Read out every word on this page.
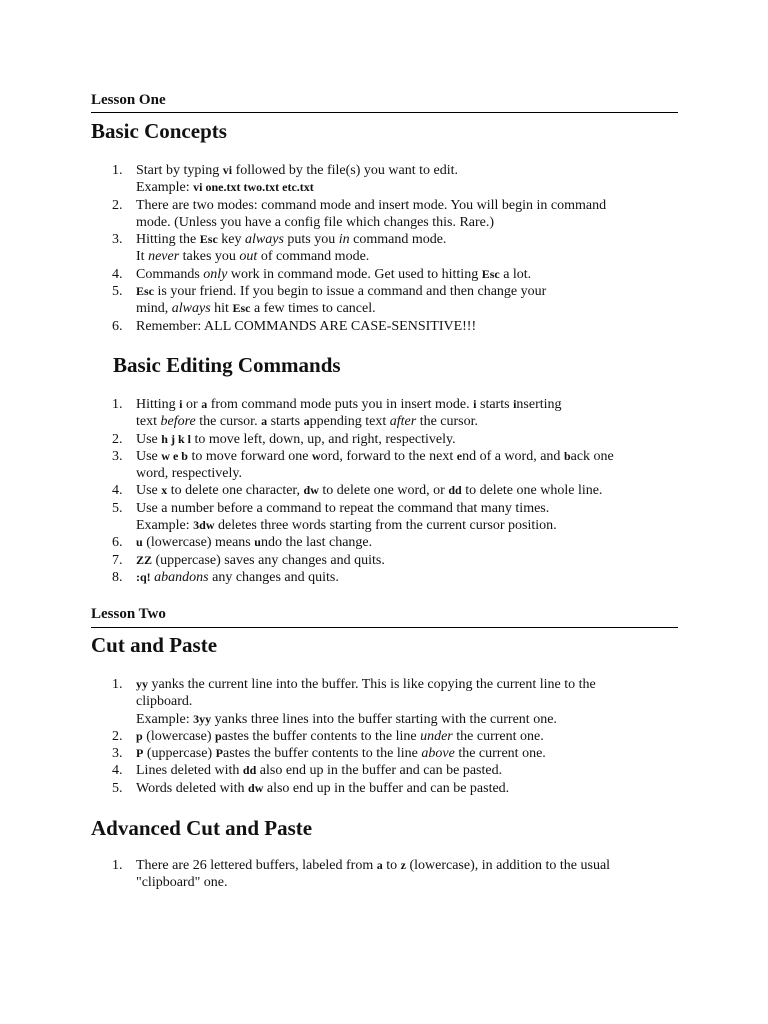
Lesson One
Basic Concepts
1. Start by typing vi followed by the file(s) you want to edit.
Example: vi one.txt two.txt etc.txt
2. There are two modes: command mode and insert mode. You will begin in command
mode. (Unless you have a config file which changes this. Rare.)
3. Hitting the Esc key always puts you in command mode.
It never takes you out of command mode.
4. Commands only work in command mode. Get used to hitting Esc a lot.
5. Esc is your friend. If you begin to issue a command and then change your
mind, always hit Esc a few times to cancel.
6. Remember: ALL COMMANDS ARE CASE-SENSITIVE!!!
Basic Editing Commands
1. Hitting i or a from command mode puts you in insert mode. i starts inserting
text before the cursor. a starts appending text after the cursor.
2. Use h j k l to move left, down, up, and right, respectively.
3. Use w e b to move forward one word, forward to the next end of a word, and back one
word, respectively.
4. Use x to delete one character, dw to delete one word, or dd to delete one whole line.
5. Use a number before a command to repeat the command that many times.
Example: 3dw deletes three words starting from the current cursor position.
6. u (lowercase) means undo the last change.
7. ZZ (uppercase) saves any changes and quits.
8. :q! abandons any changes and quits.
Lesson Two
Cut and Paste
1. yy yanks the current line into the buffer. This is like copying the current line to the
clipboard.
Example: 3yy yanks three lines into the buffer starting with the current one.
2. p (lowercase) pastes the buffer contents to the line under the current one.
3. P (uppercase) Pastes the buffer contents to the line above the current one.
4. Lines deleted with dd also end up in the buffer and can be pasted.
5. Words deleted with dw also end up in the buffer and can be pasted.
Advanced Cut and Paste
1. There are 26 lettered buffers, labeled from a to z (lowercase), in addition to the usual
"clipboard" one.
